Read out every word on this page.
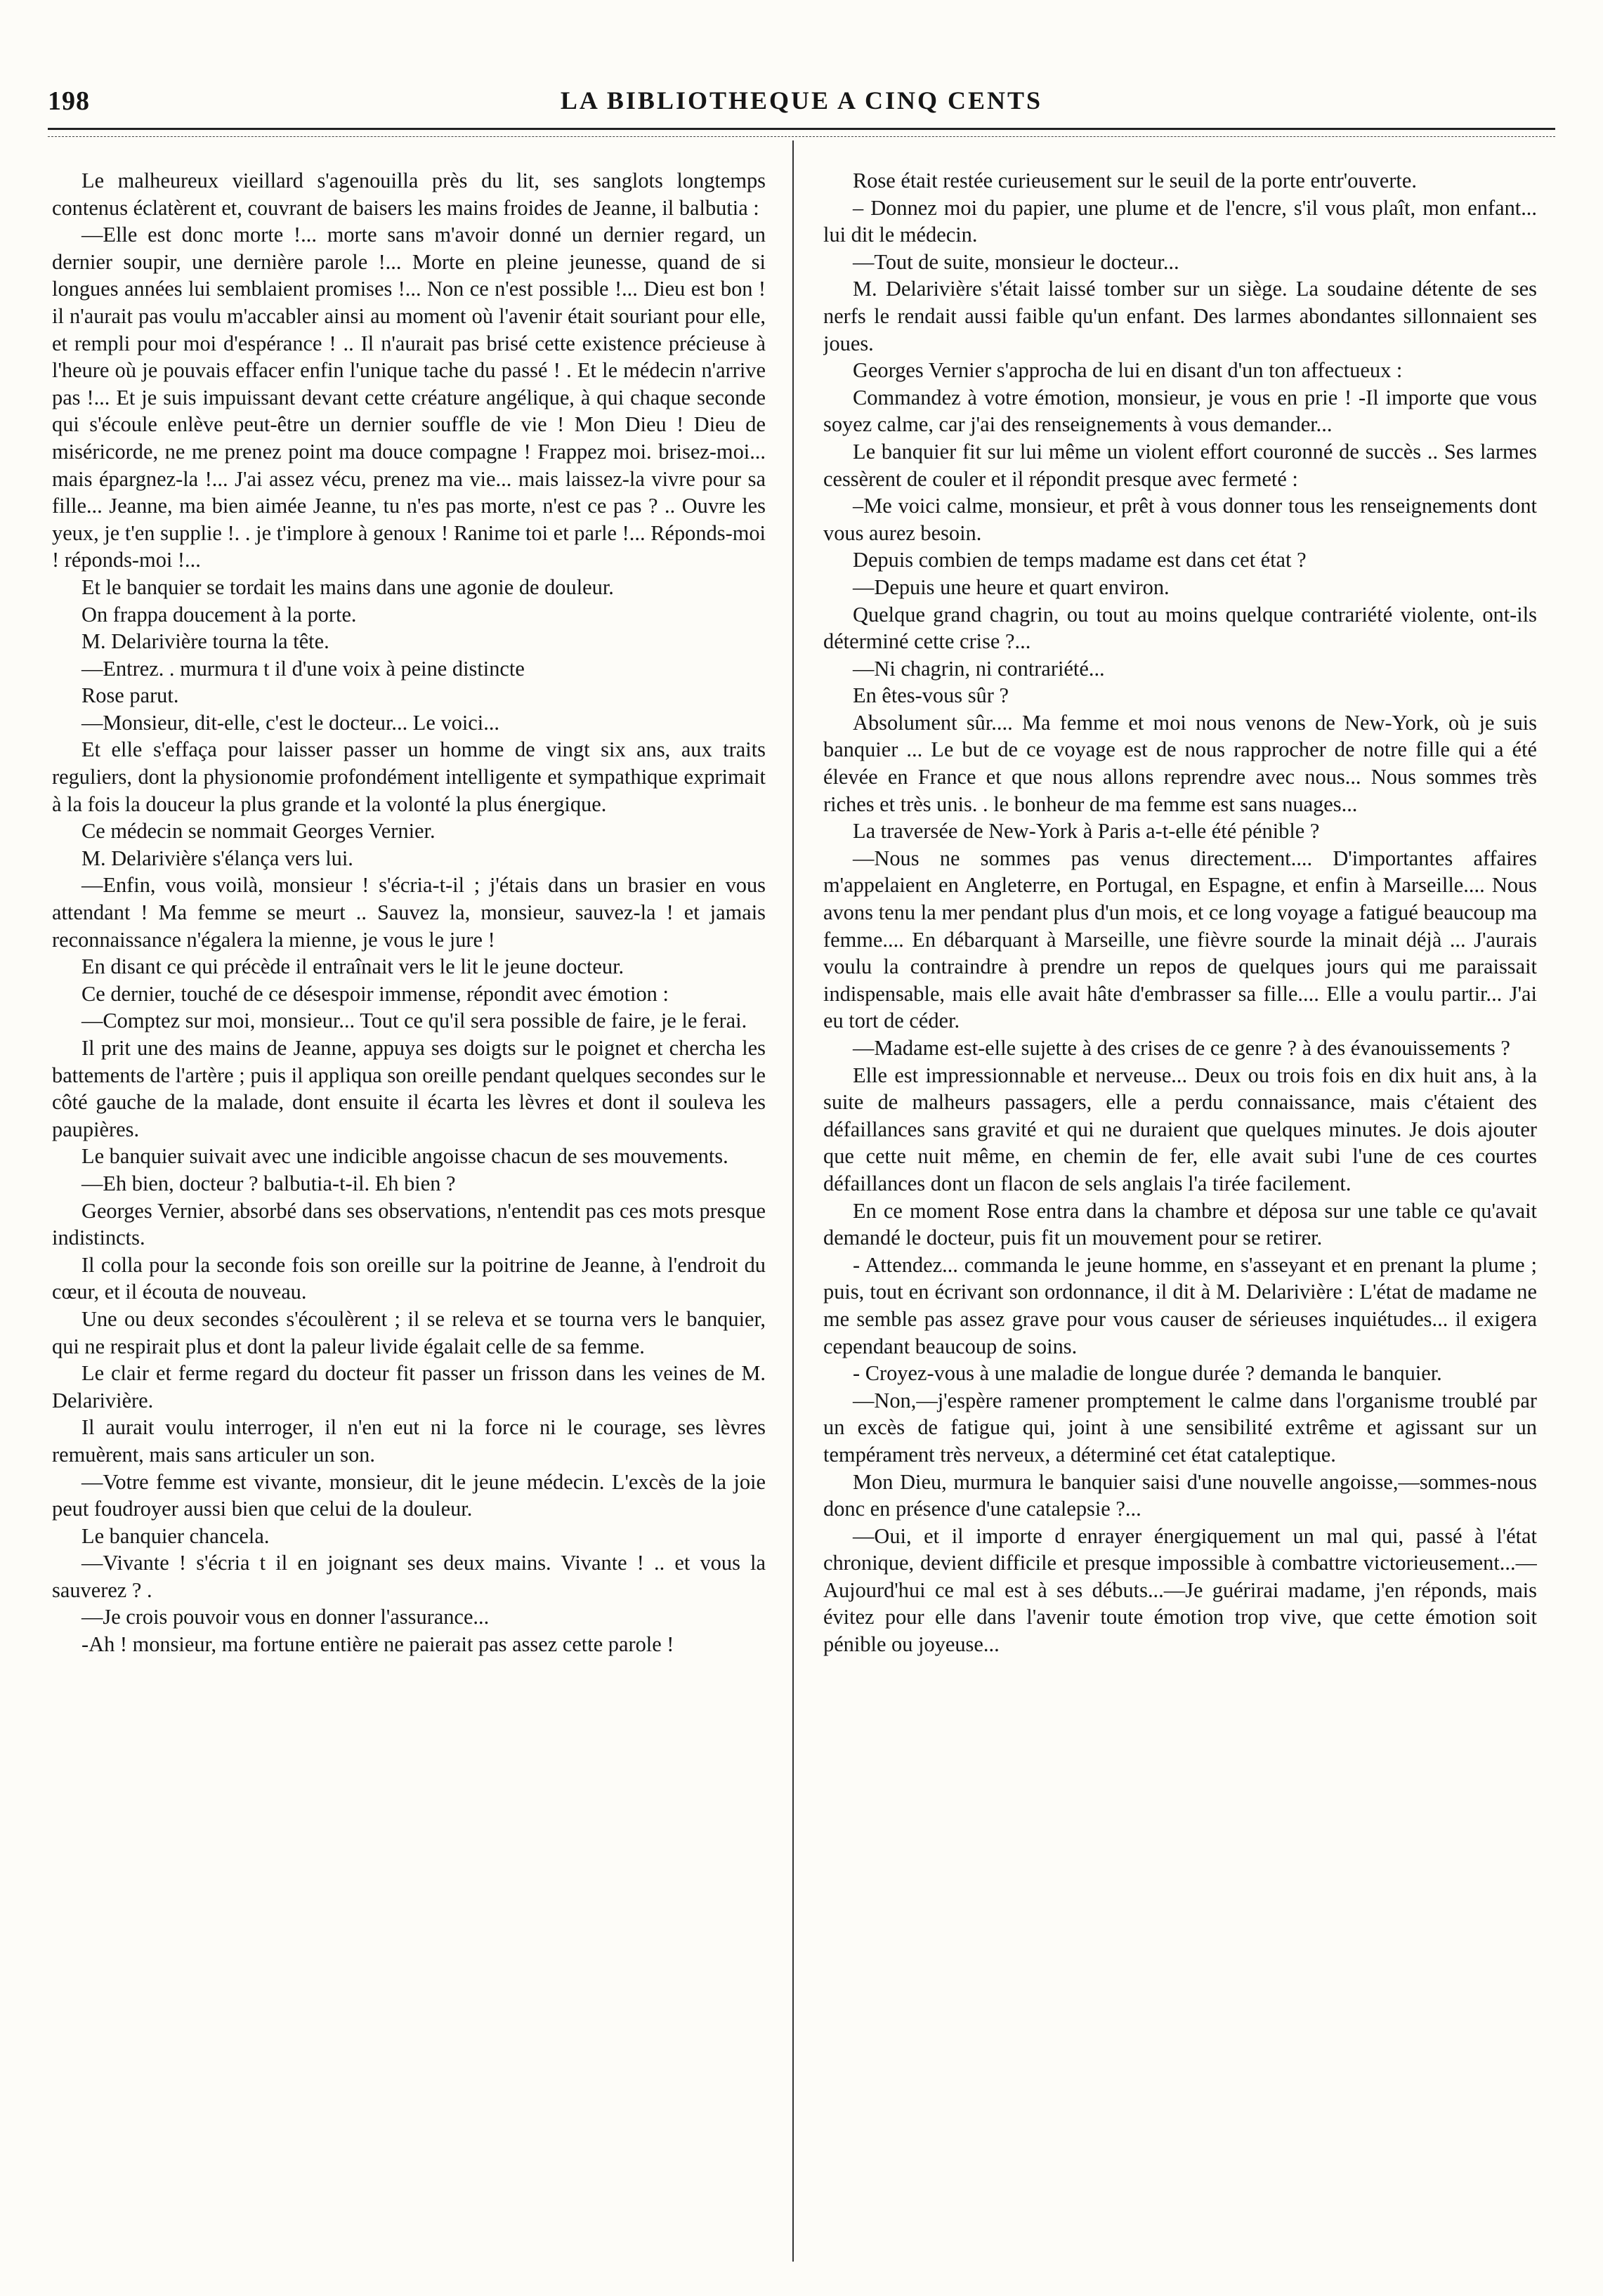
198	LA BIBLIOTHEQUE A CINQ CENTS

Le malheureux vieillard s'agenouilla près du lit, ses sanglots longtemps contenus éclatèrent et, couvrant de baisers les mains froides de Jeanne, il balbutia :

—Elle est donc morte !... morte sans m'avoir donné un dernier regard, un dernier soupir, une dernière parole !... Morte en pleine jeunesse, quand de si longues années lui semblaient promises !... Non ce n'est possible !... Dieu est bon ! il n'aurait pas voulu m'accabler ainsi au moment où l'avenir était souriant pour elle, et rempli pour moi d'espérance ! .. Il n'aurait pas brisé cette existence précieuse à l'heure où je pouvais effacer enfin l'unique tache du passé ! . Et le médecin n'arrive pas !... Et je suis impuissant devant cette créature angélique, à qui chaque seconde qui s'écoule enlève peut-être un dernier souffle de vie ! Mon Dieu ! Dieu de miséricorde, ne me prenez point ma douce compagne ! Frappez moi. brisez-moi... mais épargnez-la !... J'ai assez vécu, prenez ma vie... mais laissez-la vivre pour sa fille... Jeanne, ma bien aimée Jeanne, tu n'es pas morte, n'est ce pas ? .. Ouvre les yeux, je t'en supplie !. . je t'implore à genoux ! Ranime toi et parle !... Réponds-moi ! réponds-moi !...

Et le banquier se tordait les mains dans une agonie de douleur.

On frappa doucement à la porte.

M. Delarivière tourna la tête.

—Entrez. . murmura t il d'une voix à peine distincte

Rose parut.

—Monsieur, dit-elle, c'est le docteur... Le voici...

Et elle s'effaça pour laisser passer un homme de vingt six ans, aux traits reguliers, dont la physionomie profondément intelligente et sympathique exprimait à la fois la douceur la plus grande et la volonté la plus énergique.

Ce médecin se nommait Georges Vernier.

M. Delarivière s'élança vers lui.

—Enfin, vous voilà, monsieur ! s'écria-t-il ; j'étais dans un brasier en vous attendant ! Ma femme se meurt .. Sauvez la, monsieur, sauvez-la ! et jamais reconnaissance n'égalera la mienne, je vous le jure !

En disant ce qui précède il entraînait vers le lit le jeune docteur.

Ce dernier, touché de ce désespoir immense, répondit avec émotion :

—Comptez sur moi, monsieur... Tout ce qu'il sera possible de faire, je le ferai.

Il prit une des mains de Jeanne, appuya ses doigts sur le poignet et chercha les battements de l'artère ; puis il appliqua son oreille pendant quelques secondes sur le côté gauche de la malade, dont ensuite il écarta les lèvres et dont il souleva les paupières.

Le banquier suivait avec une indicible angoisse chacun de ses mouvements.

—Eh bien, docteur ? balbutia-t-il. Eh bien ?

Georges Vernier, absorbé dans ses observations, n'entendit pas ces mots presque indistincts.

Il colla pour la seconde fois son oreille sur la poitrine de Jeanne, à l'endroit du cœur, et il écouta de nouveau.

Une ou deux secondes s'écoulèrent ; il se releva et se tourna vers le banquier, qui ne respirait plus et dont la paleur livide égalait celle de sa femme.

Le clair et ferme regard du docteur fit passer un frisson dans les veines de M. Delarivière.

Il aurait voulu interroger, il n'en eut ni la force ni le courage, ses lèvres remuèrent, mais sans articuler un son.

—Votre femme est vivante, monsieur, dit le jeune médecin. L'excès de la joie peut foudroyer aussi bien que celui de la douleur.

Le banquier chancela.

—Vivante ! s'écria t il en joignant ses deux mains. Vivante ! .. et vous la sauverez ? .

—Je crois pouvoir vous en donner l'assurance...

-Ah ! monsieur, ma fortune entière ne paierait pas assez cette parole !

Rose était restée curieusement sur le seuil de la porte entr'ouverte.

– Donnez moi du papier, une plume et de l'encre, s'il vous plaît, mon enfant... lui dit le médecin.

—Tout de suite, monsieur le docteur...

M. Delarivière s'était laissé tomber sur un siège. La soudaine détente de ses nerfs le rendait aussi faible qu'un enfant. Des larmes abondantes sillonnaient ses joues.

Georges Vernier s'approcha de lui en disant d'un ton affectueux :

Commandez à votre émotion, monsieur, je vous en prie ! -Il importe que vous soyez calme, car j'ai des renseignements à vous demander...

Le banquier fit sur lui même un violent effort couronné de succès .. Ses larmes cessèrent de couler et il répondit presque avec fermeté :

–Me voici calme, monsieur, et prêt à vous donner tous les renseignements dont vous aurez besoin.

Depuis combien de temps madame est dans cet état ?

—Depuis une heure et quart environ.

Quelque grand chagrin, ou tout au moins quelque contrariété violente, ont-ils déterminé cette crise ?...

—Ni chagrin, ni contrariété...

En êtes-vous sûr ?

Absolument sûr.... Ma femme et moi nous venons de New-York, où je suis banquier ... Le but de ce voyage est de nous rapprocher de notre fille qui a été élevée en France et que nous allons reprendre avec nous... Nous sommes très riches et très unis. . le bonheur de ma femme est sans nuages...

La traversée de New-York à Paris a-t-elle été pénible ?

—Nous ne sommes pas venus directement.... D'importantes affaires m'appelaient en Angleterre, en Portugal, en Espagne, et enfin à Marseille.... Nous avons tenu la mer pendant plus d'un mois, et ce long voyage a fatigué beaucoup ma femme.... En débarquant à Marseille, une fièvre sourde la minait déjà ... J'aurais voulu la contraindre à prendre un repos de quelques jours qui me paraissait indispensable, mais elle avait hâte d'embrasser sa fille.... Elle a voulu partir... J'ai eu tort de céder.

—Madame est-elle sujette à des crises de ce genre ? à des évanouissements ?

Elle est impressionnable et nerveuse... Deux ou trois fois en dix huit ans, à la suite de malheurs passagers, elle a perdu connaissance, mais c'étaient des défaillances sans gravité et qui ne duraient que quelques minutes. Je dois ajouter que cette nuit même, en chemin de fer, elle avait subi l'une de ces courtes défaillances dont un flacon de sels anglais l'a tirée facilement.

En ce moment Rose entra dans la chambre et déposa sur une table ce qu'avait demandé le docteur, puis fit un mouvement pour se retirer.

- Attendez... commanda le jeune homme, en s'asseyant et en prenant la plume ; puis, tout en écrivant son ordonnance, il dit à M. Delarivière : L'état de madame ne me semble pas assez grave pour vous causer de sérieuses inquiétudes... il exigera cependant beaucoup de soins.

- Croyez-vous à une maladie de longue durée ? demanda le banquier.

—Non,—j'espère ramener promptement le calme dans l'organisme troublé par un excès de fatigue qui, joint à une sensibilité extrême et agissant sur un tempérament très nerveux, a déterminé cet état cataleptique.

Mon Dieu, murmura le banquier saisi d'une nouvelle angoisse,—sommes-nous donc en présence d'une catalepsie ?...

—Oui, et il importe d enrayer énergiquement un mal qui, passé à l'état chronique, devient difficile et presque impossible à combattre victorieusement...—Aujourd'hui ce mal est à ses débuts...—Je guérirai madame, j'en réponds, mais évitez pour elle dans l'avenir toute émotion trop vive, que cette émotion soit pénible ou joyeuse...
